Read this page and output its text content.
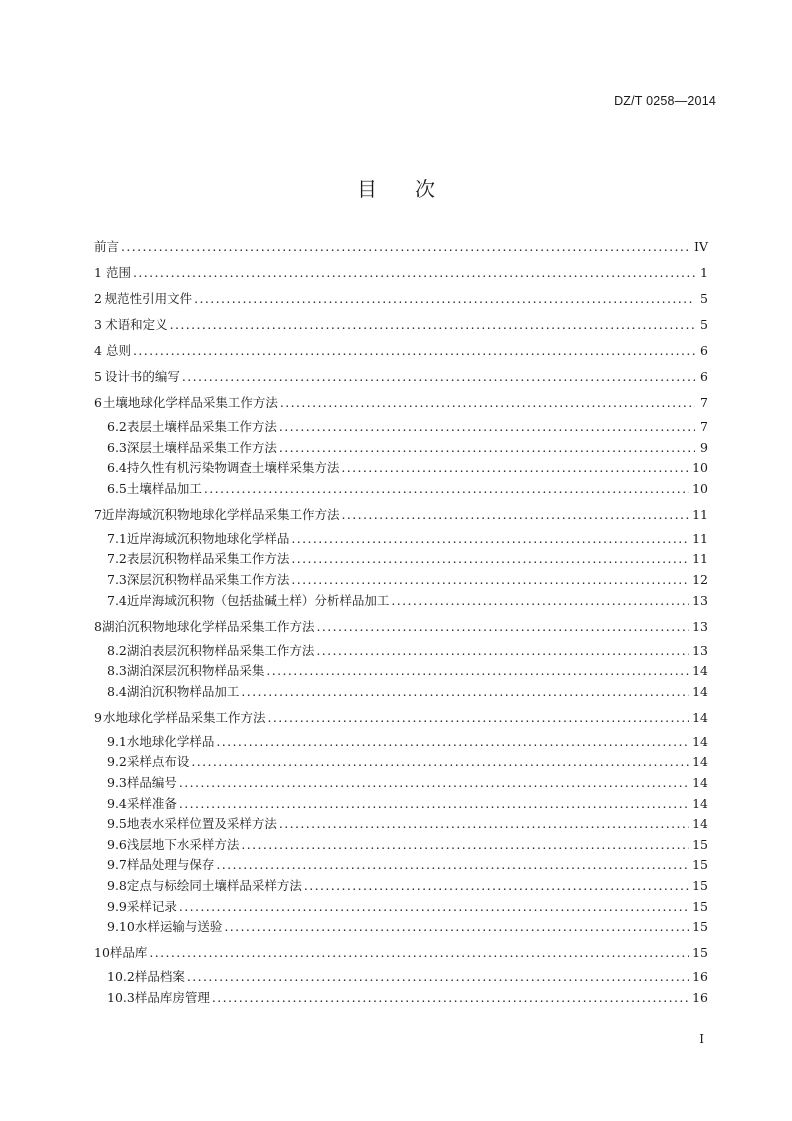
DZ/T 0258—2014
目次
前言 .....	IV
1 范围 .....	1
2 规范性引用文件 .....	5
3 术语和定义 .....	5
4 总则 .....	6
5 设计书的编写 .....	6
6 土壤地球化学样品采集工作方法 .....	7
6.2 表层土壤样品采集工作方法 .....	7
6.3 深层土壤样品采集工作方法 .....	9
6.4 持久性有机污染物调查土壤样采集方法 .....	10
6.5 土壤样品加工 .....	10
7 近岸海域沉积物地球化学样品采集工作方法 .....	11
7.1 近岸海域沉积物地球化学样品 .....	11
7.2 表层沉积物样品采集工作方法 .....	11
7.3 深层沉积物样品采集工作方法 .....	12
7.4 近岸海域沉积物（包括盐碱土样）分析样品加工 .....	13
8 湖泊沉积物地球化学样品采集工作方法 .....	13
8.2 湖泊表层沉积物样品采集工作方法 .....	13
8.3 湖泊深层沉积物样品采集 .....	14
8.4 湖泊沉积物样品加工 .....	14
9 水地球化学样品采集工作方法 .....	14
9.1 水地球化学样品 .....	14
9.2 采样点布设 .....	14
9.3 样品编号 .....	14
9.4 采样准备 .....	14
9.5 地表水采样位置及采样方法 .....	14
9.6 浅层地下水采样方法 .....	15
9.7 样品处理与保存 .....	15
9.8 定点与标绘同土壤样品采样方法 .....	15
9.9 采样记录 .....	15
9.10 水样运输与送验 .....	15
10 样品库 .....	15
10.2 样品档案 .....	16
10.3 样品库房管理 .....	16
I
